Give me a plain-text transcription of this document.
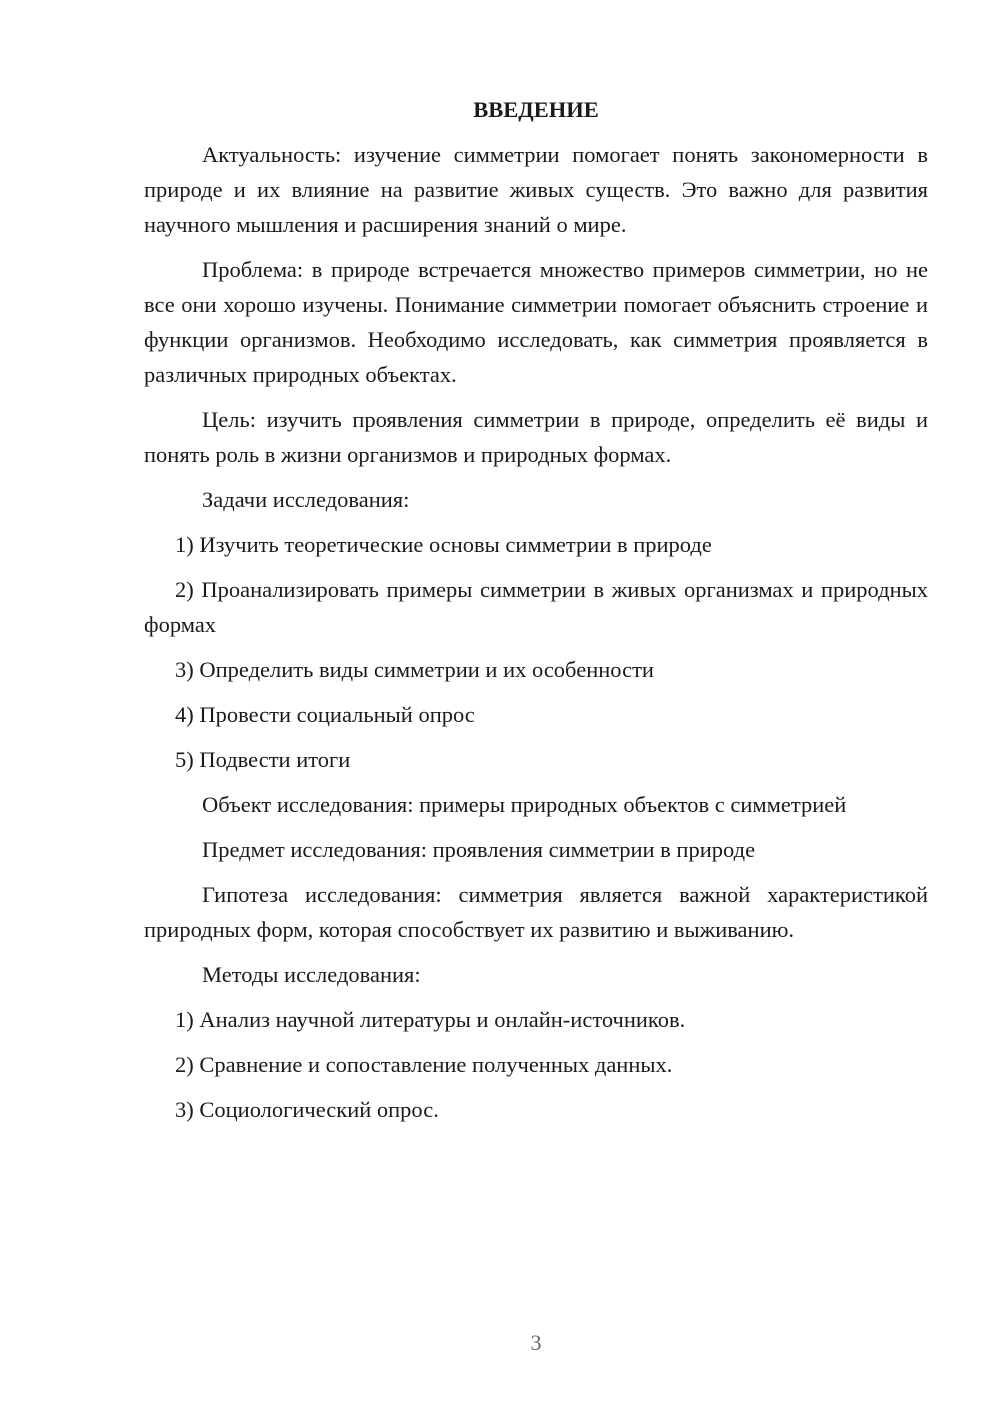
ВВЕДЕНИЕ

Актуальность: изучение симметрии помогает понять закономерности в природе и их влияние на развитие живых существ. Это важно для развития научного мышления и расширения знаний о мире.

Проблема: в природе встречается множество примеров симметрии, но не все они хорошо изучены. Понимание симметрии помогает объяснить строение и функции организмов. Необходимо исследовать, как симметрия проявляется в различных природных объектах.

Цель: изучить проявления симметрии в природе, определить её виды и понять роль в жизни организмов и природных формах.

Задачи исследования:

1) Изучить теоретические основы симметрии в природе

2) Проанализировать примеры симметрии в живых организмах и природных формах

3) Определить виды симметрии и их особенности

4) Провести социальный опрос

5) Подвести итоги

Объект исследования: примеры природных объектов с симметрией

Предмет исследования: проявления симметрии в природе

Гипотеза исследования: симметрия является важной характеристикой природных форм, которая способствует их развитию и выживанию.

Методы исследования:

1) Анализ научной литературы и онлайн-источников.

2) Сравнение и сопоставление полученных данных.

3) Социологический опрос.

3
